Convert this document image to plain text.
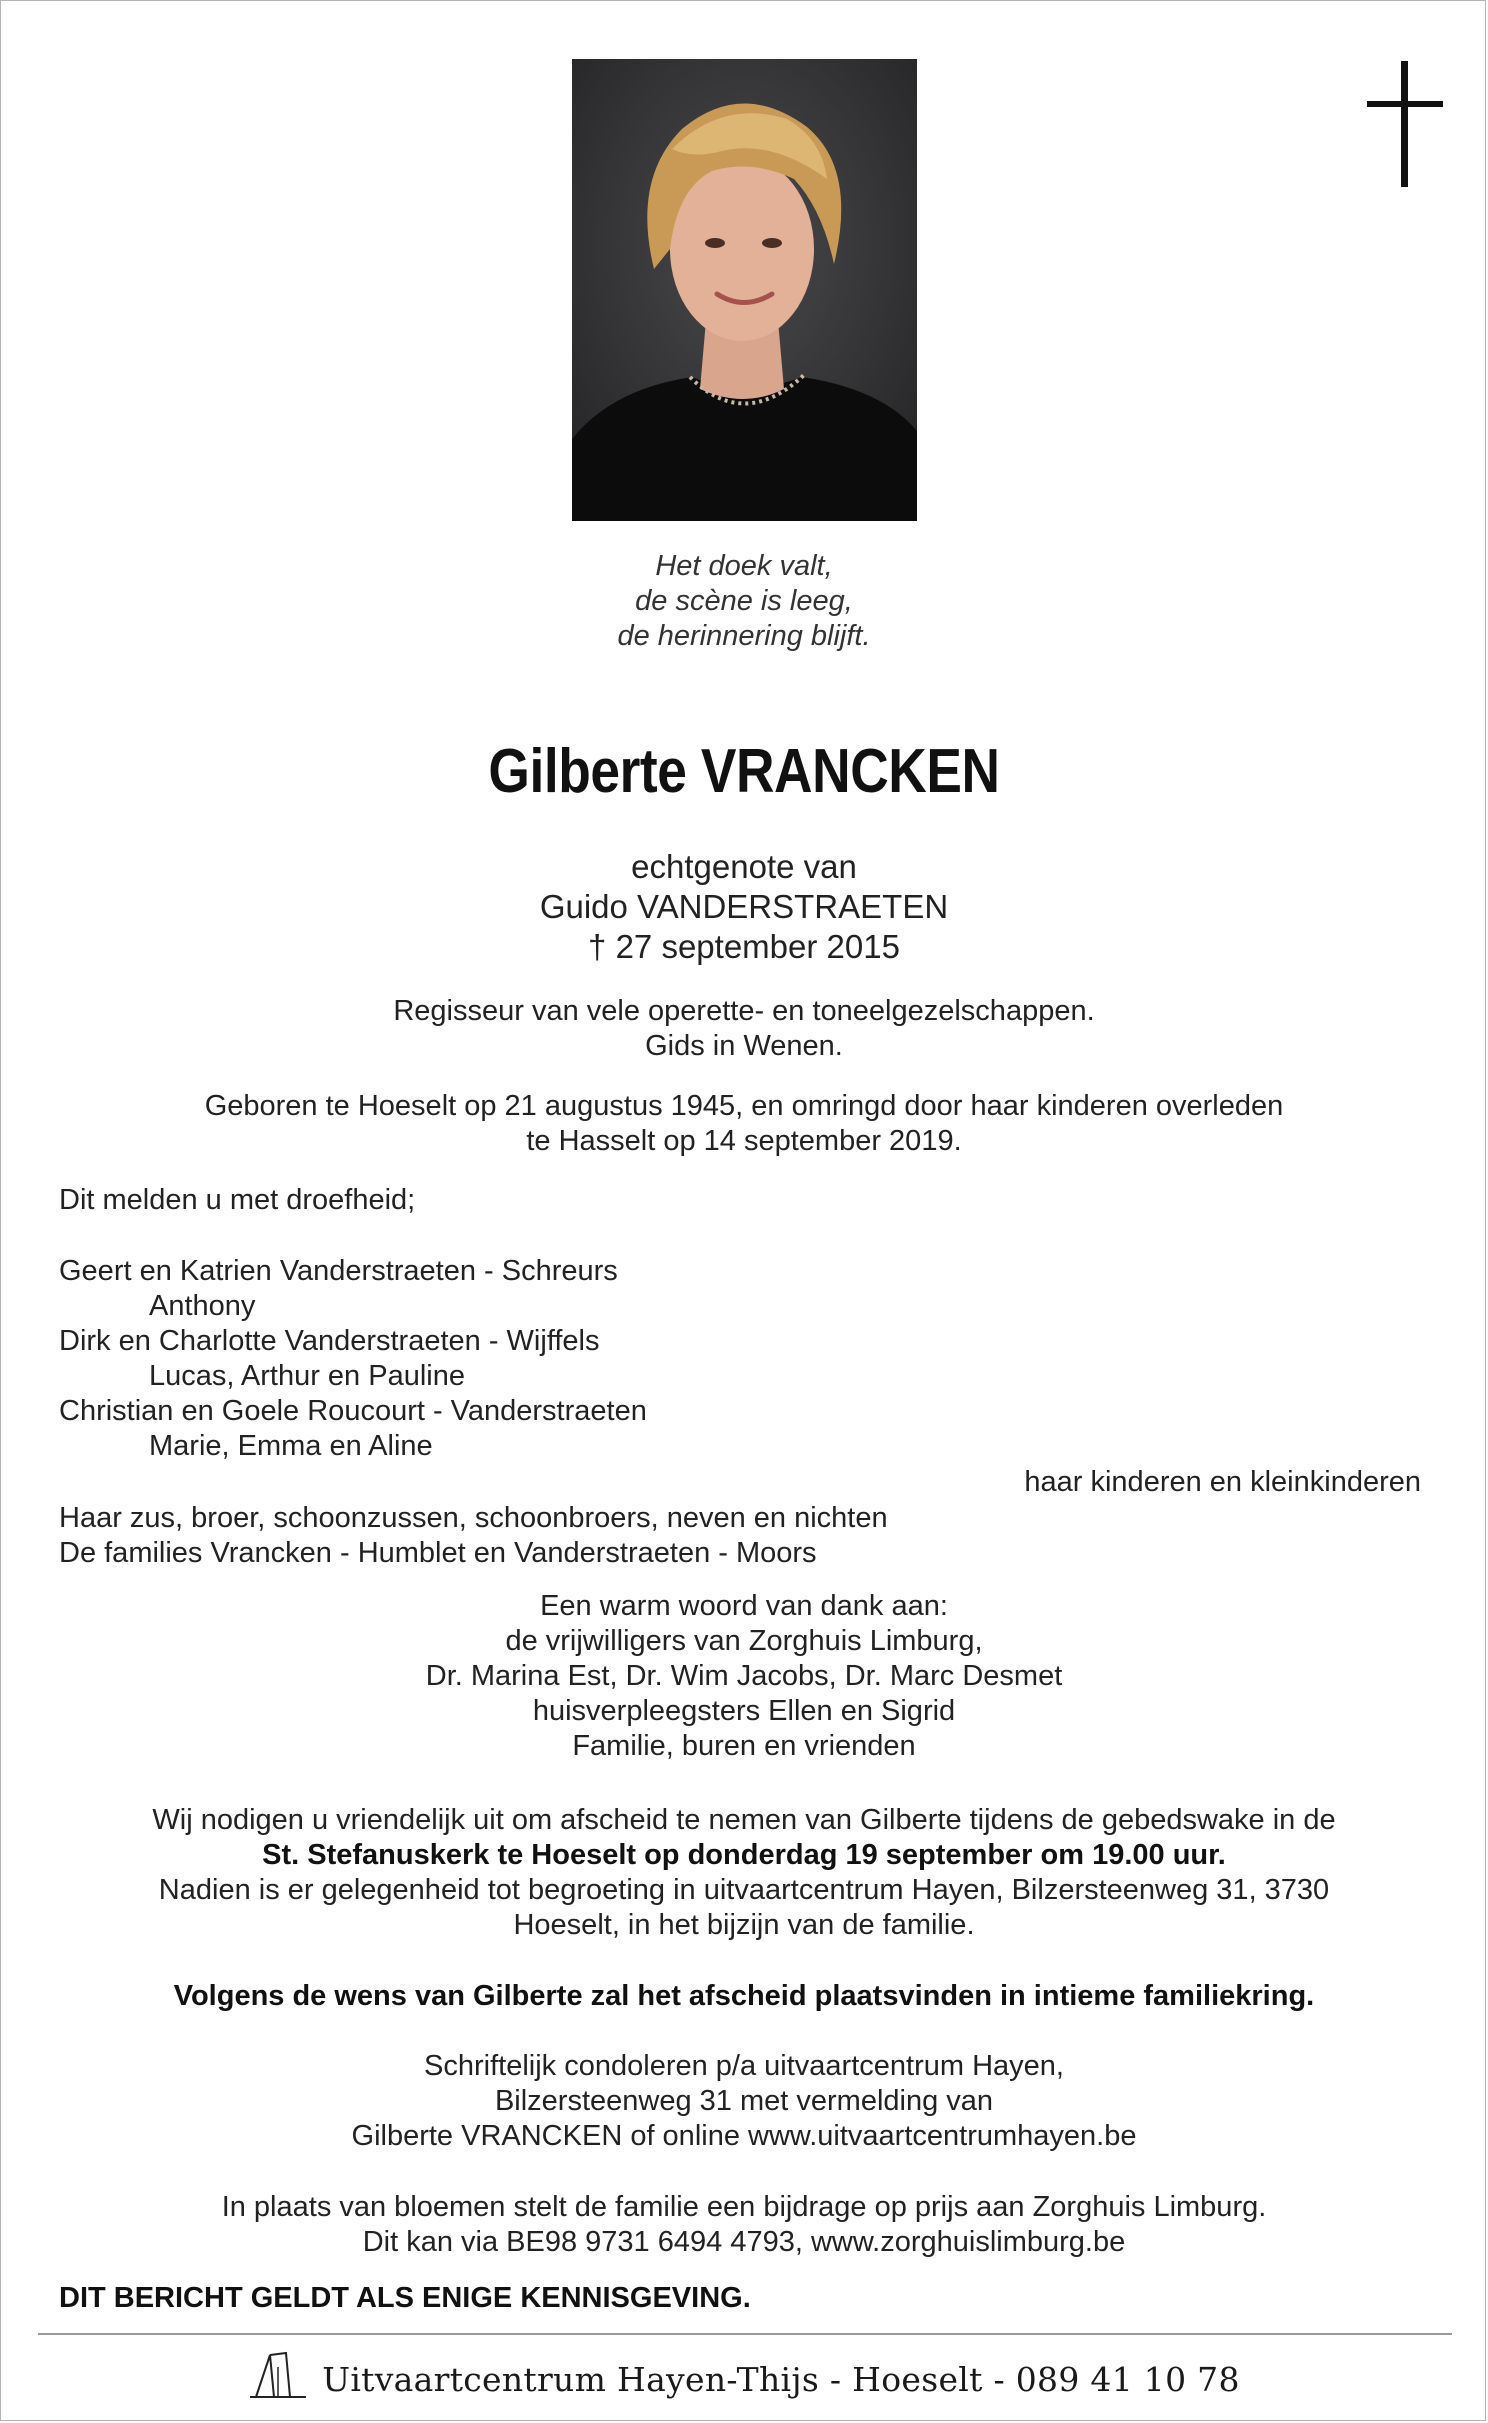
Het doek valt,
de scène is leeg,
de herinnering blijft.
Gilberte VRANCKEN
echtgenote van
Guido VANDERSTRAETEN
† 27 september 2015
Regisseur van vele operette- en toneelgezelschappen.
Gids in Wenen.
Geboren te Hoeselt op 21 augustus 1945, en omringd door haar kinderen overleden
te Hasselt op 14 september 2019.
Dit melden u met droefheid;
Geert en Katrien Vanderstraeten - Schreurs
Anthony
Dirk en Charlotte Vanderstraeten - Wijffels
Lucas, Arthur en Pauline
Christian en Goele Roucourt - Vanderstraeten
Marie, Emma en Aline
haar kinderen en kleinkinderen
Haar zus, broer, schoonzussen, schoonbroers, neven en nichten
De families Vrancken - Humblet en Vanderstraeten - Moors
Een warm woord van dank aan:
de vrijwilligers van Zorghuis Limburg,
Dr. Marina Est, Dr. Wim Jacobs, Dr. Marc Desmet
huisverpleegsters Ellen en Sigrid
Familie, buren en vrienden
Wij nodigen u vriendelijk uit om afscheid te nemen van Gilberte tijdens de gebedswake in de
St. Stefanuskerk te Hoeselt op donderdag 19 september om 19.00 uur.
Nadien is er gelegenheid tot begroeting in uitvaartcentrum Hayen, Bilzersteenweg 31, 3730
Hoeselt, in het bijzijn van de familie.
Volgens de wens van Gilberte zal het afscheid plaatsvinden in intieme familiekring.
Schriftelijk condoleren p/a uitvaartcentrum Hayen,
Bilzersteenweg 31 met vermelding van
Gilberte VRANCKEN of online www.uitvaartcentrumhayen.be
In plaats van bloemen stelt de familie een bijdrage op prijs aan Zorghuis Limburg.
Dit kan via BE98 9731 6494 4793, www.zorghuislimburg.be
DIT BERICHT GELDT ALS ENIGE KENNISGEVING.
Uitvaartcentrum Hayen-Thijs - Hoeselt - 089 41 10 78
